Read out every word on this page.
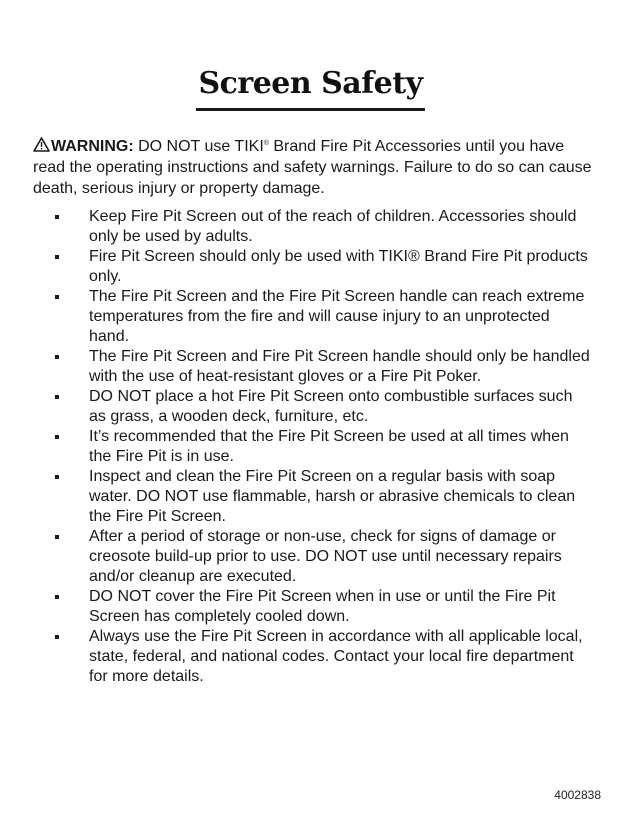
Screen Safety

WARNING: DO NOT use TIKI® Brand Fire Pit Accessories until you have read the operating instructions and safety warnings. Failure to do so can cause death, serious injury or property damage.

Keep Fire Pit Screen out of the reach of children. Accessories should only be used by adults.
Fire Pit Screen should only be used with TIKI® Brand Fire Pit products only.
The Fire Pit Screen and the Fire Pit Screen handle can reach extreme temperatures from the fire and will cause injury to an unprotected hand.
The Fire Pit Screen and Fire Pit Screen handle should only be handled with the use of heat-resistant gloves or a Fire Pit Poker.
DO NOT place a hot Fire Pit Screen onto combustible surfaces such as grass, a wooden deck, furniture, etc.
It’s recommended that the Fire Pit Screen be used at all times when the Fire Pit is in use.
Inspect and clean the Fire Pit Screen on a regular basis with soap water. DO NOT use flammable, harsh or abrasive chemicals to clean the Fire Pit Screen.
After a period of storage or non-use, check for signs of damage or creosote build-up prior to use. DO NOT use until necessary repairs and/or cleanup are executed.
DO NOT cover the Fire Pit Screen when in use or until the Fire Pit Screen has completely cooled down.
Always use the Fire Pit Screen in accordance with all applicable local, state, federal, and national codes. Contact your local fire department for more details.
4002838
